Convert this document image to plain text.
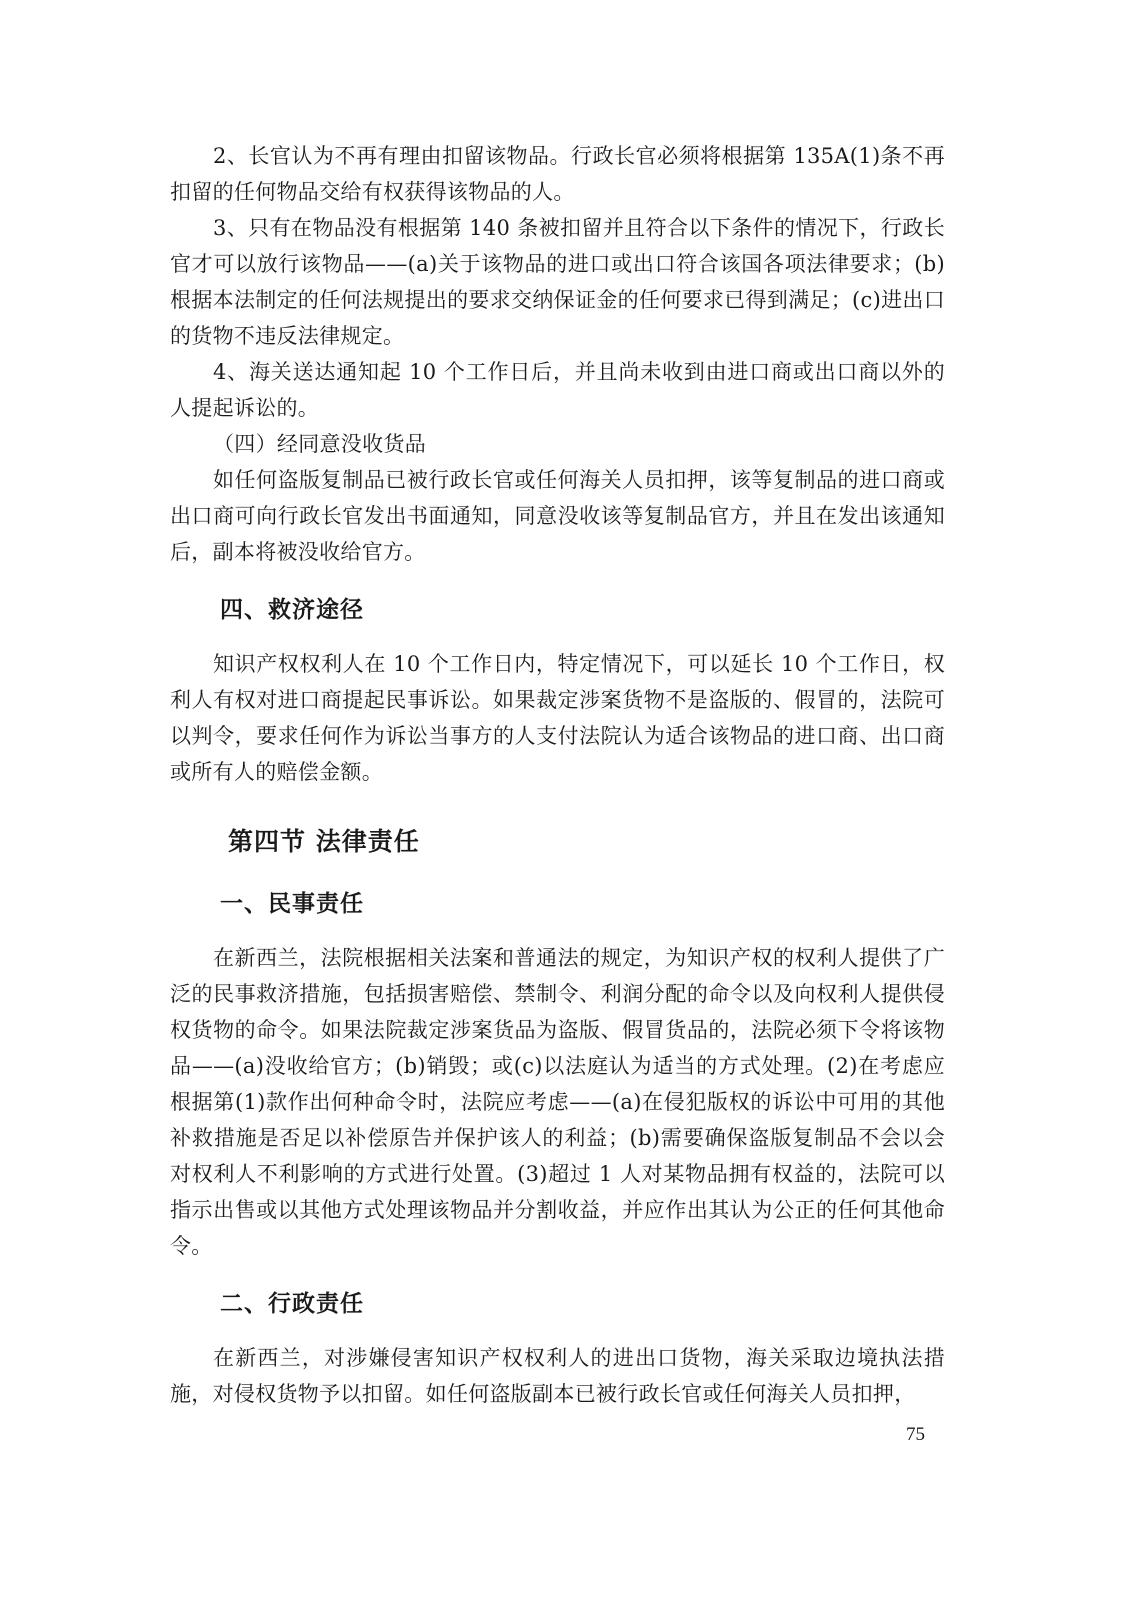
2、长官认为不再有理由扣留该物品。行政长官必须将根据第 135A(1)条不再扣留的任何物品交给有权获得该物品的人。

3、只有在物品没有根据第 140 条被扣留并且符合以下条件的情况下，行政长官才可以放行该物品——(a)关于该物品的进口或出口符合该国各项法律要求；(b)根据本法制定的任何法规提出的要求交纳保证金的任何要求已得到满足；(c)进出口的货物不违反法律规定。

4、海关送达通知起 10 个工作日后，并且尚未收到由进口商或出口商以外的人提起诉讼的。

（四）经同意没收货品

如任何盗版复制品已被行政长官或任何海关人员扣押，该等复制品的进口商或出口商可向行政长官发出书面通知，同意没收该等复制品官方，并且在发出该通知后，副本将被没收给官方。

四、救济途径

知识产权权利人在 10 个工作日内，特定情况下，可以延长 10 个工作日，权利人有权对进口商提起民事诉讼。如果裁定涉案货物不是盗版的、假冒的，法院可以判令，要求任何作为诉讼当事方的人支付法院认为适合该物品的进口商、出口商或所有人的赔偿金额。

第四节 法律责任
一、民事责任

在新西兰，法院根据相关法案和普通法的规定，为知识产权的权利人提供了广泛的民事救济措施，包括损害赔偿、禁制令、利润分配的命令以及向权利人提供侵权货物的命令。如果法院裁定涉案货品为盗版、假冒货品的，法院必须下令将该物品——(a)没收给官方；(b)销毁；或(c)以法庭认为适当的方式处理。(2)在考虑应根据第(1)款作出何种命令时，法院应考虑——(a)在侵犯版权的诉讼中可用的其他补救措施是否足以补偿原告并保护该人的利益；(b)需要确保盗版复制品不会以会对权利人不利影响的方式进行处置。(3)超过 1 人对某物品拥有权益的，法院可以指示出售或以其他方式处理该物品并分割收益，并应作出其认为公正的任何其他命令。

二、行政责任

在新西兰，对涉嫌侵害知识产权权利人的进出口货物，海关采取边境执法措施，对侵权货物予以扣留。如任何盗版副本已被行政长官或任何海关人员扣押，

75
